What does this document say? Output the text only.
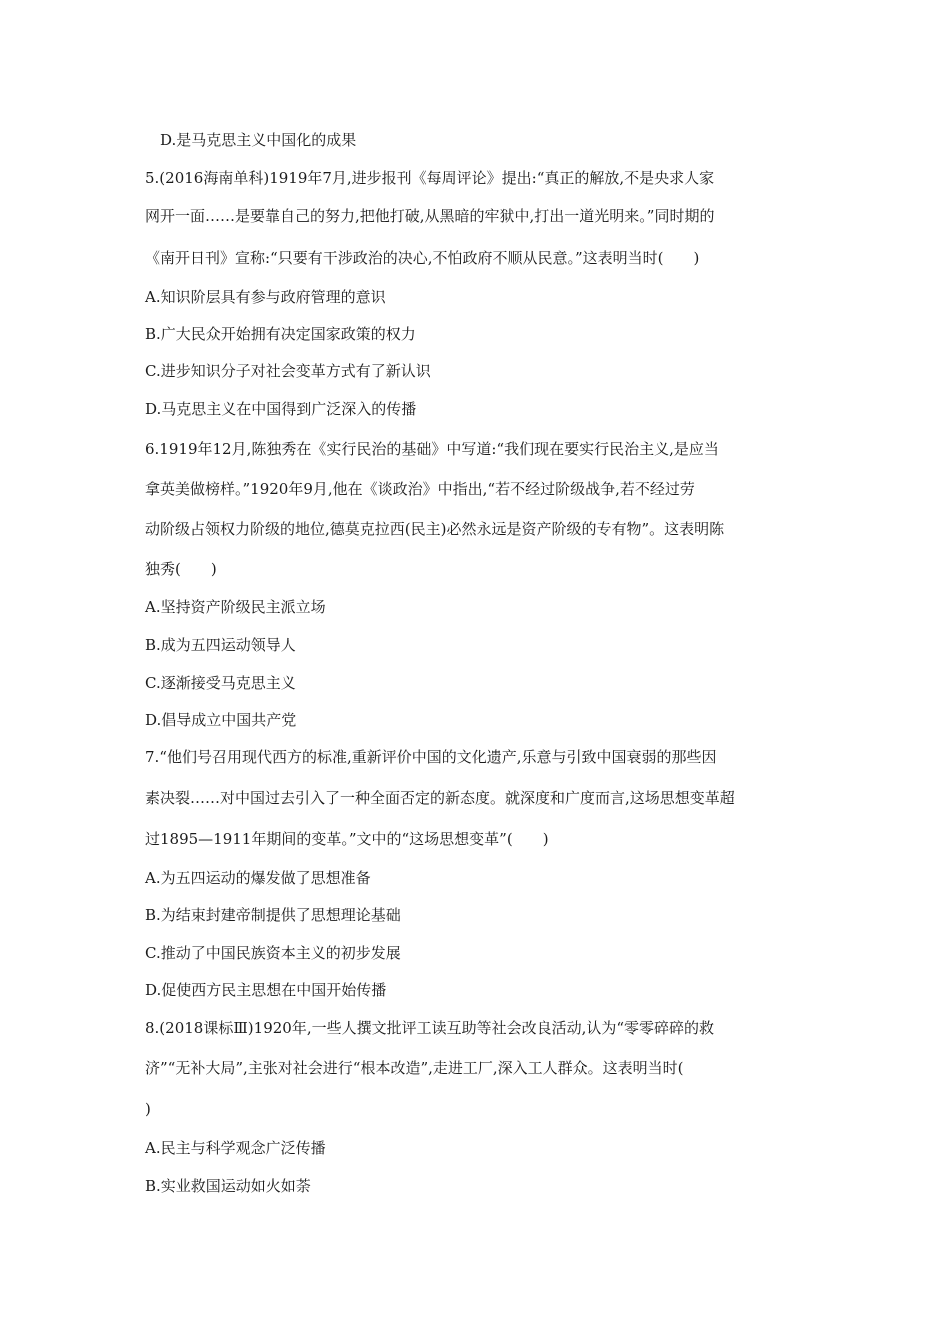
D.是马克思主义中国化的成果
5.(2016海南单科)1919年7月,进步报刊《每周评论》提出:“真正的解放,不是央求人家
网开一面……是要靠自己的努力,把他打破,从黑暗的牢狱中,打出一道光明来。”同时期的
《南开日刊》宣称:“只要有干涉政治的决心,不怕政府不顺从民意。”这表明当时(　　)
A.知识阶层具有参与政府管理的意识
B.广大民众开始拥有决定国家政策的权力
C.进步知识分子对社会变革方式有了新认识
D.马克思主义在中国得到广泛深入的传播
6.1919年12月,陈独秀在《实行民治的基础》中写道:“我们现在要实行民治主义,是应当
拿英美做榜样。”1920年9月,他在《谈政治》中指出,“若不经过阶级战争,若不经过劳
动阶级占领权力阶级的地位,德莫克拉西(民主)必然永远是资产阶级的专有物”。这表明陈
独秀(　　)
A.坚持资产阶级民主派立场
B.成为五四运动领导人
C.逐渐接受马克思主义
D.倡导成立中国共产党
7.“他们号召用现代西方的标准,重新评价中国的文化遗产,乐意与引致中国衰弱的那些因
素决裂……对中国过去引入了一种全面否定的新态度。就深度和广度而言,这场思想变革超
过1895—1911年期间的变革。”文中的“这场思想变革”(　　)
A.为五四运动的爆发做了思想准备
B.为结束封建帝制提供了思想理论基础
C.推动了中国民族资本主义的初步发展
D.促使西方民主思想在中国开始传播
8.(2018课标Ⅲ)1920年,一些人撰文批评工读互助等社会改良活动,认为“零零碎碎的救
济”“无补大局”,主张对社会进行“根本改造”,走进工厂,深入工人群众。这表明当时(
)
A.民主与科学观念广泛传播
B.实业救国运动如火如荼
